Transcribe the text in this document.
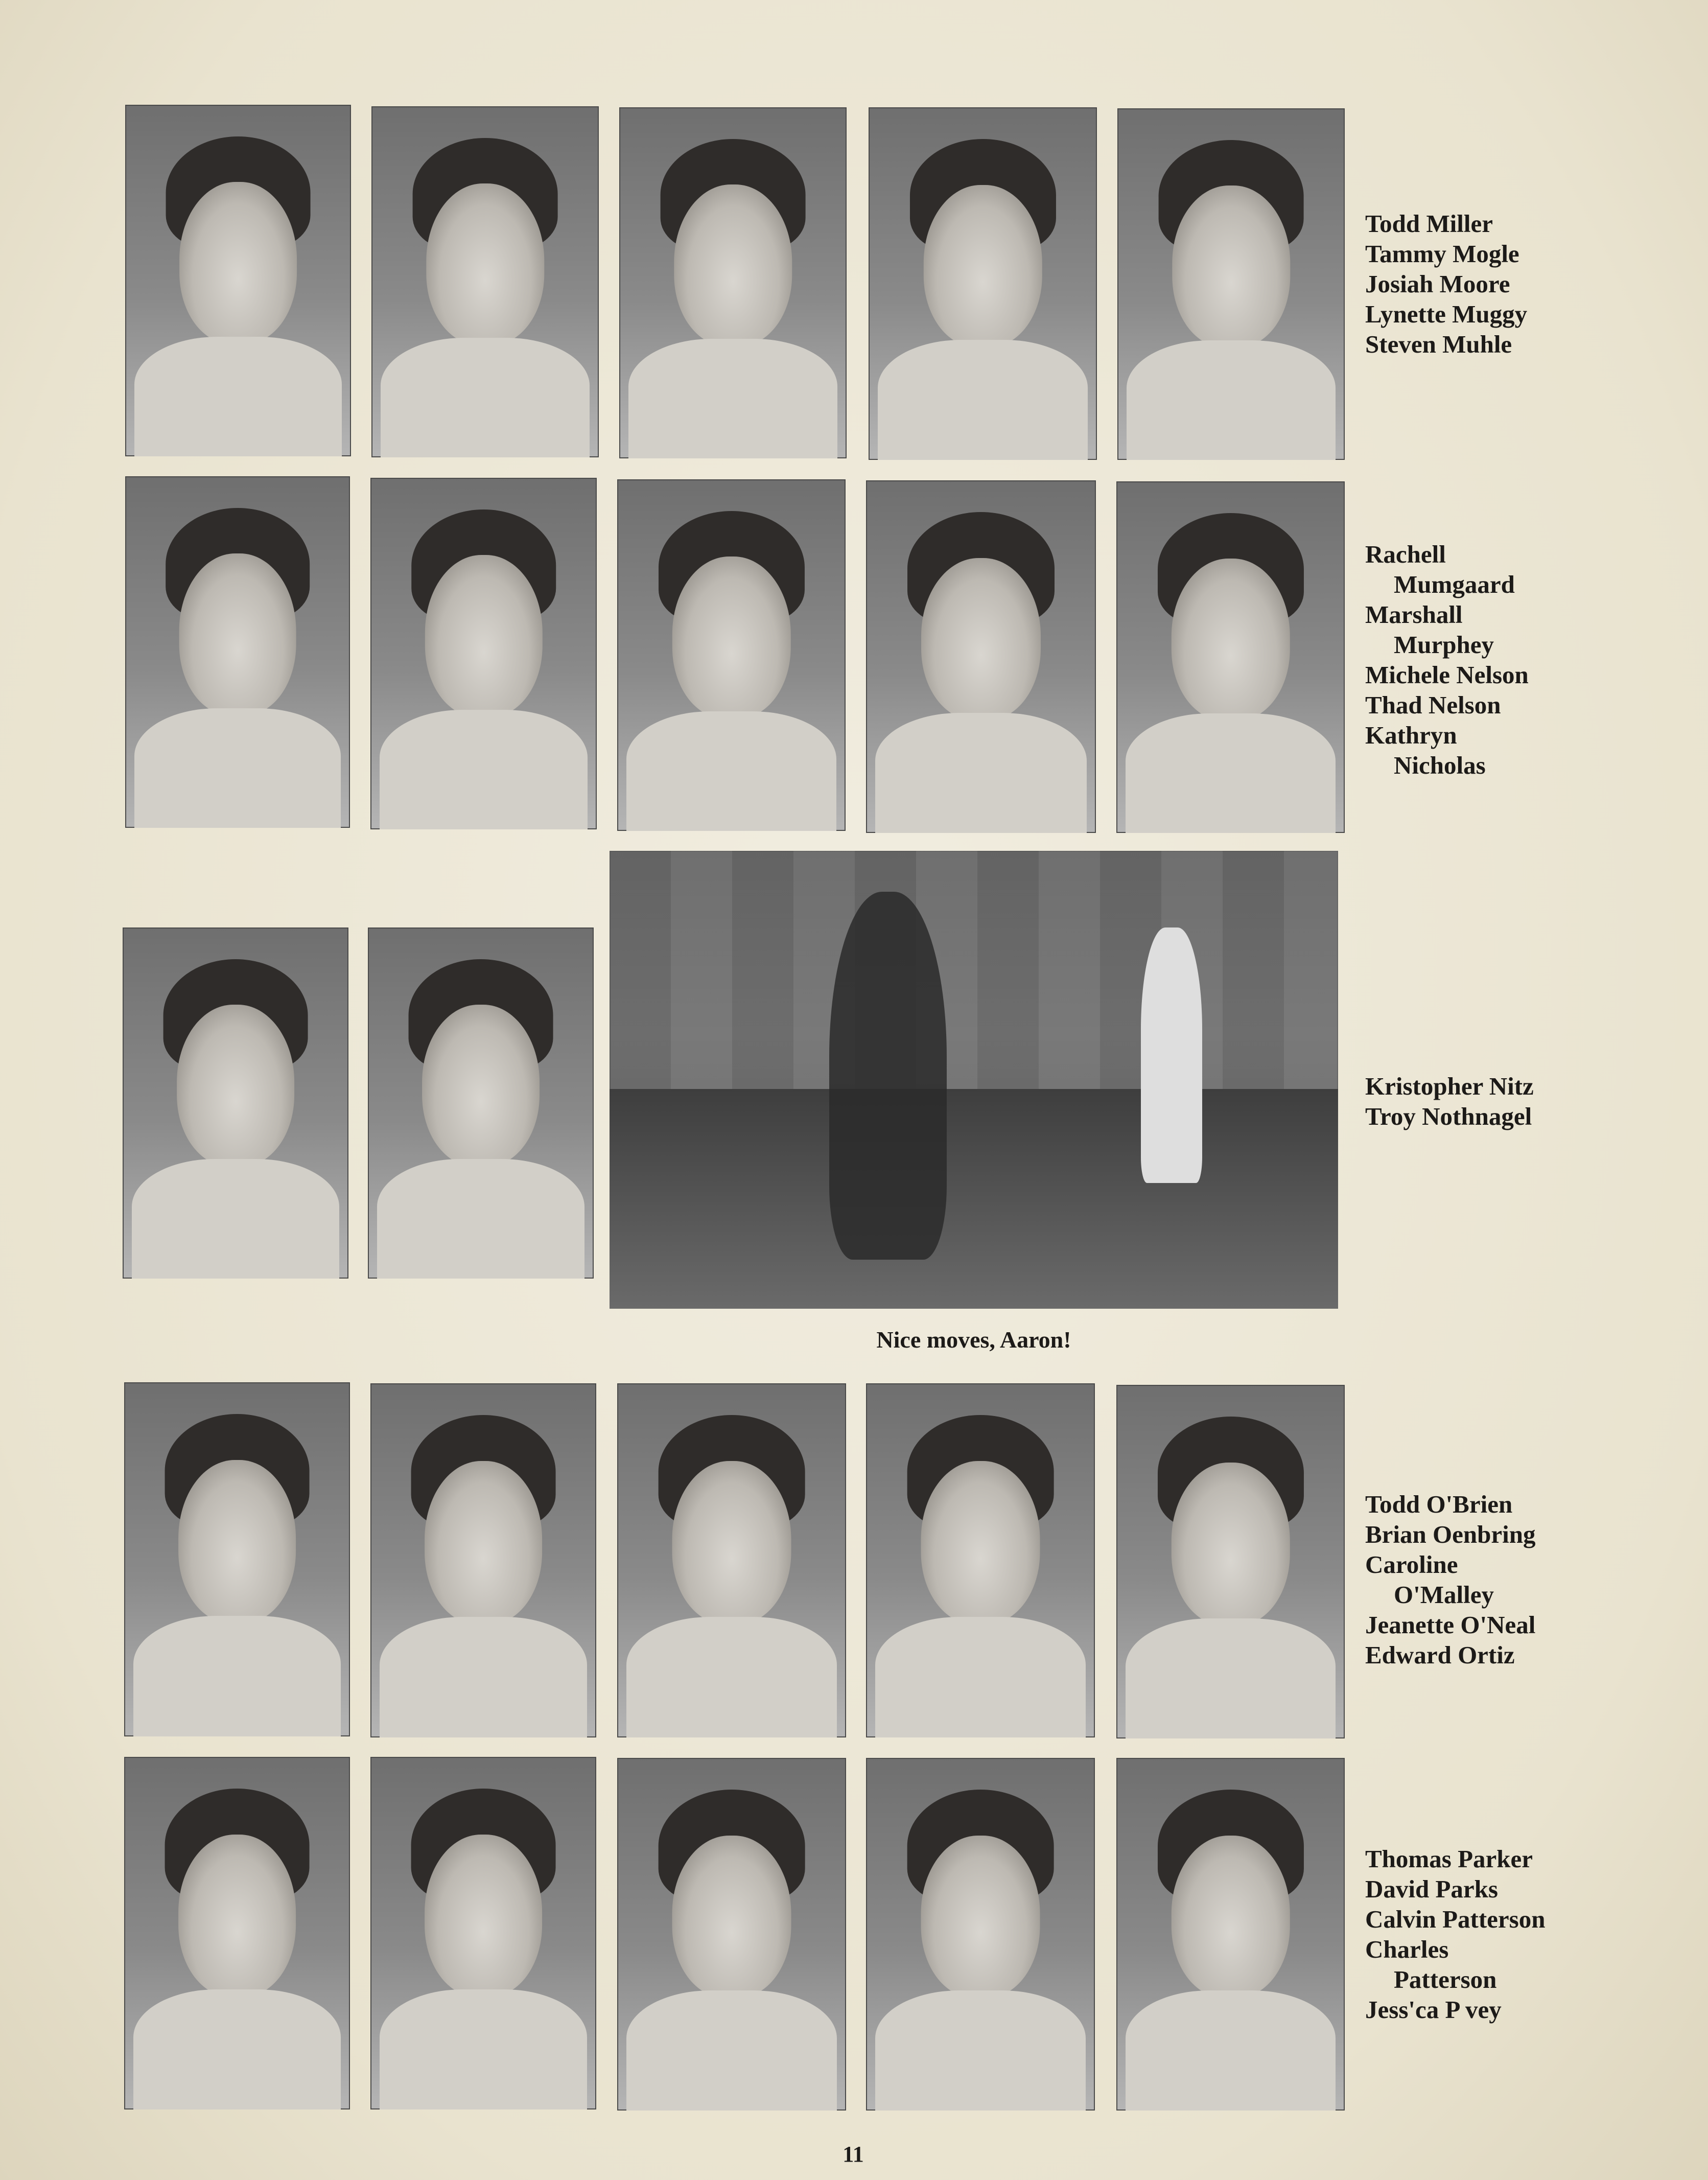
Todd Miller
Tammy Mogle
Josiah Moore
Lynette Muggy
Steven Muhle
Rachell
Mumgaard
Marshall
Murphey
Michele Nelson
Thad Nelson
Kathryn
Nicholas
Nice moves, Aaron!
Kristopher Nitz
Troy Nothnagel
Todd O'Brien
Brian Oenbring
Caroline
O'Malley
Jeanette O'Neal
Edward Ortiz
Thomas Parker
David Parks
Calvin Patterson
Charles
Patterson
Jess'ca P vey
11
